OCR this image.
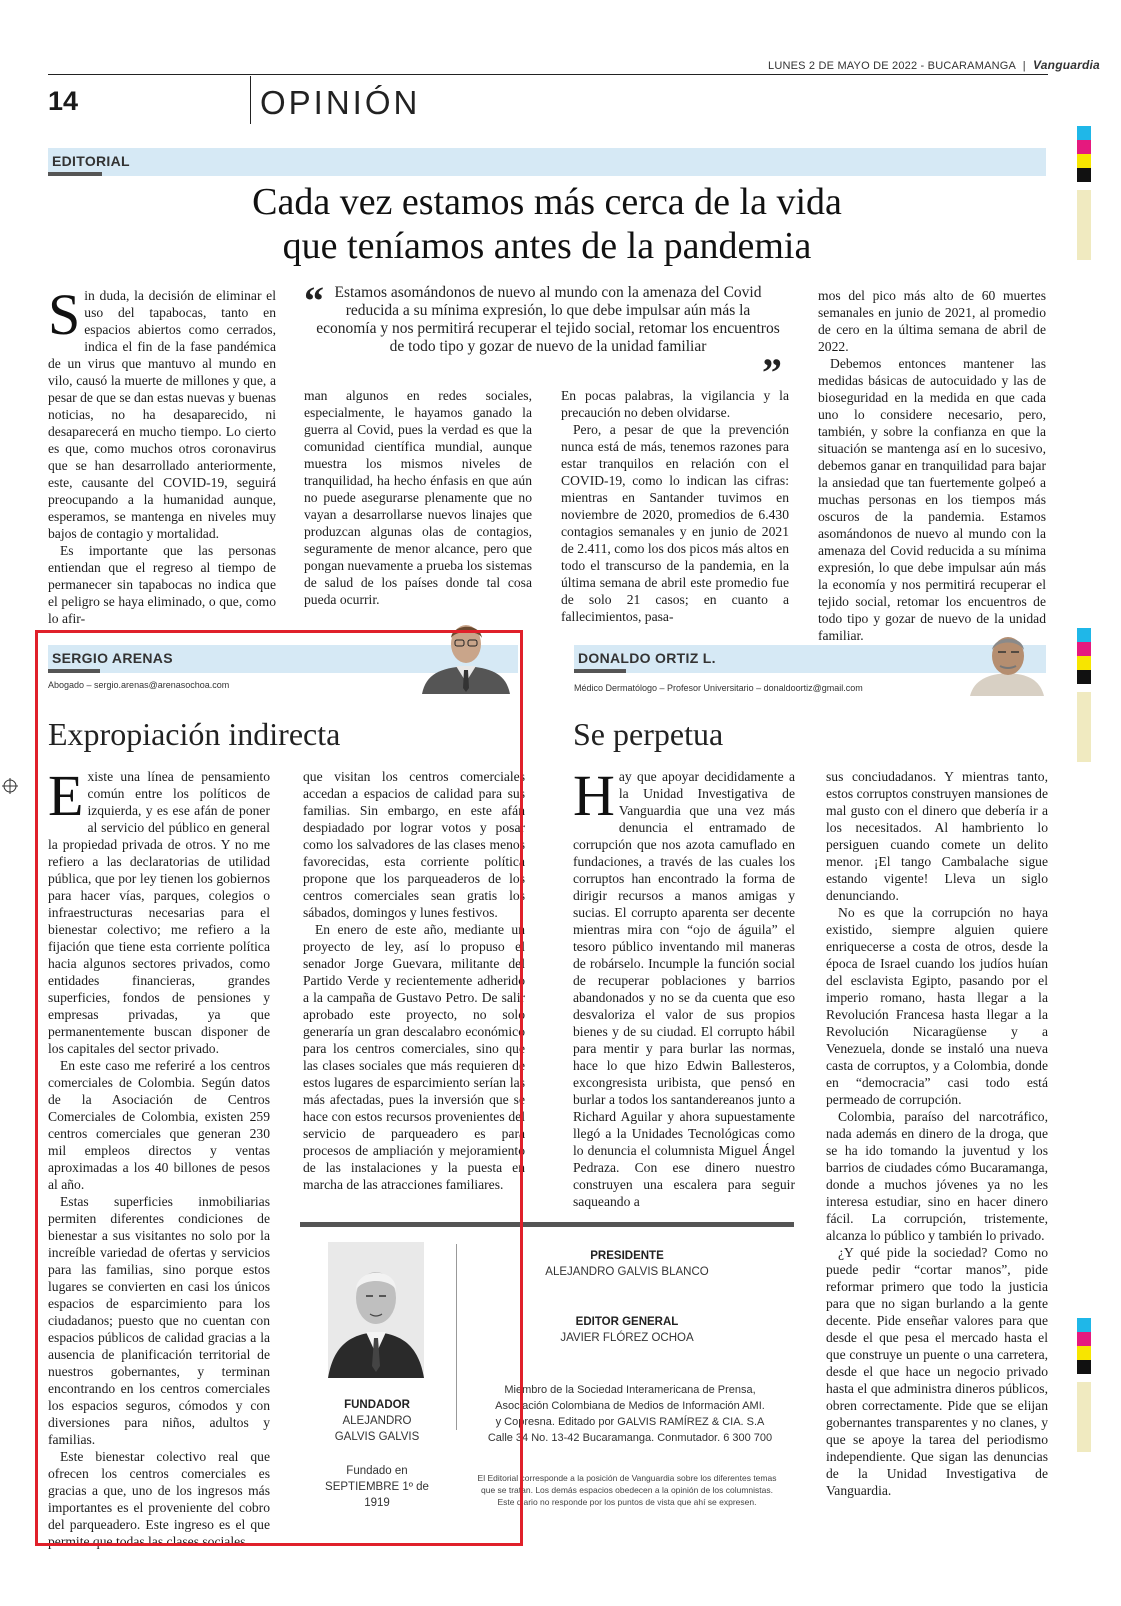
LUNES 2 DE MAYO DE 2022 - BUCARAMANGA | Vanguardia
14	OPINIÓN
EDITORIAL
Cada vez estamos más cerca de la vida
que teníamos antes de la pandemia

Sin duda, la decisión de eliminar el uso del tapabocas, tanto en espacios abiertos como cerrados, indica el fin de la fase pandémica de un virus que mantuvo al mundo en vilo, causó la muerte de millones y que, a pesar de que se dan estas nuevas y buenas noticias, no ha desaparecido, ni desaparecerá en mucho tiempo. Lo cierto es que, como muchos otros coronavirus que se han desarrollado anteriormente, este, causante del COVID-19, seguirá preocupando a la humanidad aunque, esperamos, se mantenga en niveles muy bajos de contagio y mortalidad.

Es importante que las personas entiendan que el regreso al tiempo de permanecer sin tapabocas no indica que el peligro se haya eliminado, o que, como lo afir-

“ Estamos asomándonos de nuevo al mundo con la amenaza del Covid reducida a su mínima expresión, lo que debe impulsar aún más la economía y nos permitirá recuperar el tejido social, retomar los encuentros de todo tipo y gozar de nuevo de la unidad familiar
”

man algunos en redes sociales, especialmente, le hayamos ganado la guerra al Covid, pues la verdad es que la comunidad científica mundial, aunque muestra los mismos niveles de tranquilidad, ha hecho énfasis en que aún no puede asegurarse plenamente que no vayan a desarrollarse nuevos linajes que produzcan algunas olas de contagios, seguramente de menor alcance, pero que pongan nuevamente a prueba los sistemas de salud de los países donde tal cosa pueda ocurrir.

En pocas palabras, la vigilancia y la precaución no deben olvidarse.

Pero, a pesar de que la prevención nunca está de más, tenemos razones para estar tranquilos en relación con el COVID-19, como lo indican las cifras: mientras en Santander tuvimos en noviembre de 2020, promedios de 6.430 contagios semanales y en junio de 2021 de 2.411, como los dos picos más altos en todo el transcurso de la pandemia, en la última semana de abril este promedio fue de solo 21 casos; en cuanto a fallecimientos, pasa-

mos del pico más alto de 60 muertes semanales en junio de 2021, al promedio de cero en la última semana de abril de 2022.

Debemos entonces mantener las medidas básicas de autocuidado y las de bioseguridad en la medida en que cada uno lo considere necesario, pero, también, y sobre la confianza en que la situación se mantenga así en lo sucesivo, debemos ganar en tranquilidad para bajar la ansiedad que tan fuertemente golpeó a muchas personas en los tiempos más oscuros de la pandemia. Estamos asomándonos de nuevo al mundo con la amenaza del Covid reducida a su mínima expresión, lo que debe impulsar aún más la economía y nos permitirá recuperar el tejido social, retomar los encuentros de todo tipo y gozar de nuevo de la unidad familiar.

SERGIO ARENAS
Abogado – sergio.arenas@arenasochoa.com
Expropiación indirecta

Existe una línea de pensamiento común entre los políticos de izquierda, y es ese afán de poner al servicio del público en general la propiedad privada de otros. Y no me refiero a las declaratorias de utilidad pública, que por ley tienen los gobiernos para hacer vías, parques, colegios o infraestructuras necesarias para el bienestar colectivo; me refiero a la fijación que tiene esta corriente política hacia algunos sectores privados, como entidades financieras, grandes superficies, fondos de pensiones y empresas privadas, ya que permanentemente buscan disponer de los capitales del sector privado.

En este caso me referiré a los centros comerciales de Colombia. Según datos de la Asociación de Centros Comerciales de Colombia, existen 259 centros comerciales que generan 230 mil empleos directos y ventas aproximadas a los 40 billones de pesos al año.

Estas superficies inmobiliarias permiten diferentes condiciones de bienestar a sus visitantes no solo por la increíble variedad de ofertas y servicios para las familias, sino porque estos lugares se convierten en casi los únicos espacios de esparcimiento para los ciudadanos; puesto que no cuentan con espacios públicos de calidad gracias a la ausencia de planificación territorial de nuestros gobernantes, y terminan encontrando en los centros comerciales los espacios seguros, cómodos y con diversiones para niños, adultos y familias.

Este bienestar colectivo real que ofrecen los centros comerciales es gracias a que, uno de los ingresos más importantes es el proveniente del cobro del parqueadero. Este ingreso es el que permite que todas las clases sociales

que visitan los centros comerciales accedan a espacios de calidad para sus familias. Sin embargo, en este afán despiadado por lograr votos y posar como los salvadores de las clases menos favorecidas, esta corriente política propone que los parqueaderos de los centros comerciales sean gratis los sábados, domingos y lunes festivos.

En enero de este año, mediante un proyecto de ley, así lo propuso el senador Jorge Guevara, militante del Partido Verde y recientemente adherido a la campaña de Gustavo Petro. De salir aprobado este proyecto, no solo generaría un gran descalabro económico para los centros comerciales, sino que las clases sociales que más requieren de estos lugares de esparcimiento serían las más afectadas, pues la inversión que se hace con estos recursos provenientes del servicio de parqueadero es para procesos de ampliación y mejoramiento de las instalaciones y la puesta en marcha de las atracciones familiares.

FUNDADOR
ALEJANDRO
GALVIS GALVIS
Fundado en
SEPTIEMBRE 1º de 1919
PRESIDENTE
ALEJANDRO GALVIS BLANCO
EDITOR GENERAL
JAVIER FLÓREZ OCHOA
Miembro de la Sociedad Interamericana de Prensa,
Asociación Colombiana de Medios de Información AMI.
y Copresna. Editado por GALVIS RAMÍREZ & CIA. S.A
Calle 34 No. 13-42 Bucaramanga. Conmutador. 6 300 700
El Editorial corresponde a la posición de Vanguardia sobre los diferentes temas
que se tratan. Los demás espacios obedecen a la opinión de los columnistas.
Este diario no responde por los puntos de vista que ahí se expresen.
DONALDO ORTIZ L.
Médico Dermatólogo – Profesor Universitario – donaldoortiz@gmail.com
Se perpetua

Hay que apoyar decididamente a la Unidad Investigativa de Vanguardia que una vez más denuncia el entramado de corrupción que nos azota camuflado en fundaciones, a través de las cuales los corruptos han encontrado la forma de dirigir recursos a manos amigas y sucias. El corrupto aparenta ser decente mientras mira con “ojo de águila” el tesoro público inventando mil maneras de robárselo. Incumple la función social de recuperar poblaciones y barrios abandonados y no se da cuenta que eso desvaloriza el valor de sus propios bienes y de su ciudad. El corrupto hábil para mentir y para burlar las normas, hace lo que hizo Edwin Ballesteros, excongresista uribista, que pensó en burlar a todos los santandereanos junto a Richard Aguilar y ahora supuestamente llegó a la Unidades Tecnológicas como lo denuncia el columnista Miguel Ángel Pedraza. Con ese dinero nuestro construyen una escalera para seguir saqueando a

sus conciudadanos. Y mientras tanto, estos corruptos construyen mansiones de mal gusto con el dinero que debería ir a los necesitados. Al hambriento lo persiguen cuando comete un delito menor. ¡El tango Cambalache sigue estando vigente! Lleva un siglo denunciando.

No es que la corrupción no haya existido, siempre alguien quiere enriquecerse a costa de otros, desde la época de Israel cuando los judíos huían del esclavista Egipto, pasando por el imperio romano, hasta llegar a la Revolución Francesa hasta llegar a la Revolución Nicaragüense y a Venezuela, donde se instaló una nueva casta de corruptos, y a Colombia, donde en “democracia” casi todo está permeado de corrupción.

Colombia, paraíso del narcotráfico, nada además en dinero de la droga, que se ha ido tomando la juventud y los barrios de ciudades cómo Bucaramanga, donde a muchos jóvenes ya no les interesa estudiar, sino en hacer dinero fácil. La corrupción, tristemente, alcanza lo público y también lo privado.

¿Y qué pide la sociedad? Como no puede pedir “cortar manos”, pide reformar primero que todo la justicia para que no sigan burlando a la gente decente. Pide enseñar valores para que desde el que pesa el mercado hasta el que construye un puente o una carretera, desde el que hace un negocio privado hasta el que administra dineros públicos, obren correctamente. Pide que se elijan gobernantes transparentes y no clanes, y que se apoye la tarea del periodismo independiente. Que sigan las denuncias de la Unidad Investigativa de Vanguardia.
